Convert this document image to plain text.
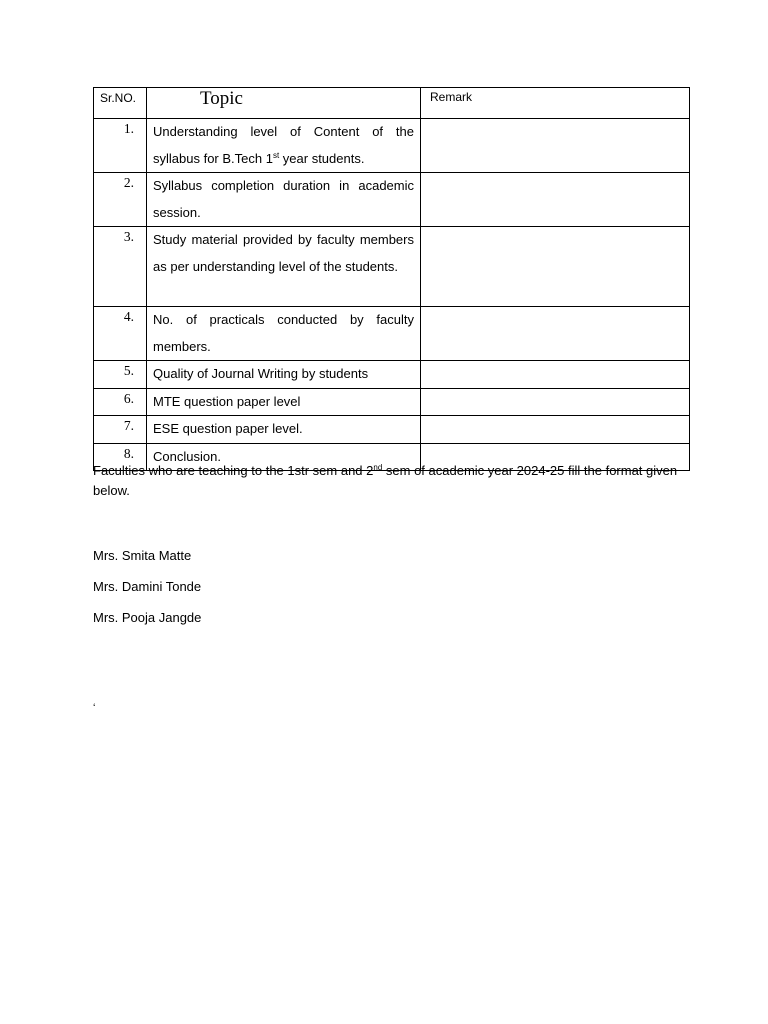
Sr.NO.	Topic	Remark
1.	Understanding level of Content of the syllabus for B.Tech 1st year students.	
2.	Syllabus completion duration in academic session.	
3.	Study material provided by faculty members as per understanding level of the students.	
4.	No. of practicals conducted by faculty members.	
5.	Quality of Journal Writing by students	
6.	MTE question paper level	
7.	ESE question paper level.	
8.	Conclusion.	
Faculties who are teaching to the 1str sem and 2nd sem of academic year 2024-25 fill the format given below.
Mrs. Smita Matte
Mrs. Damini Tonde
Mrs. Pooja Jangde
‘
